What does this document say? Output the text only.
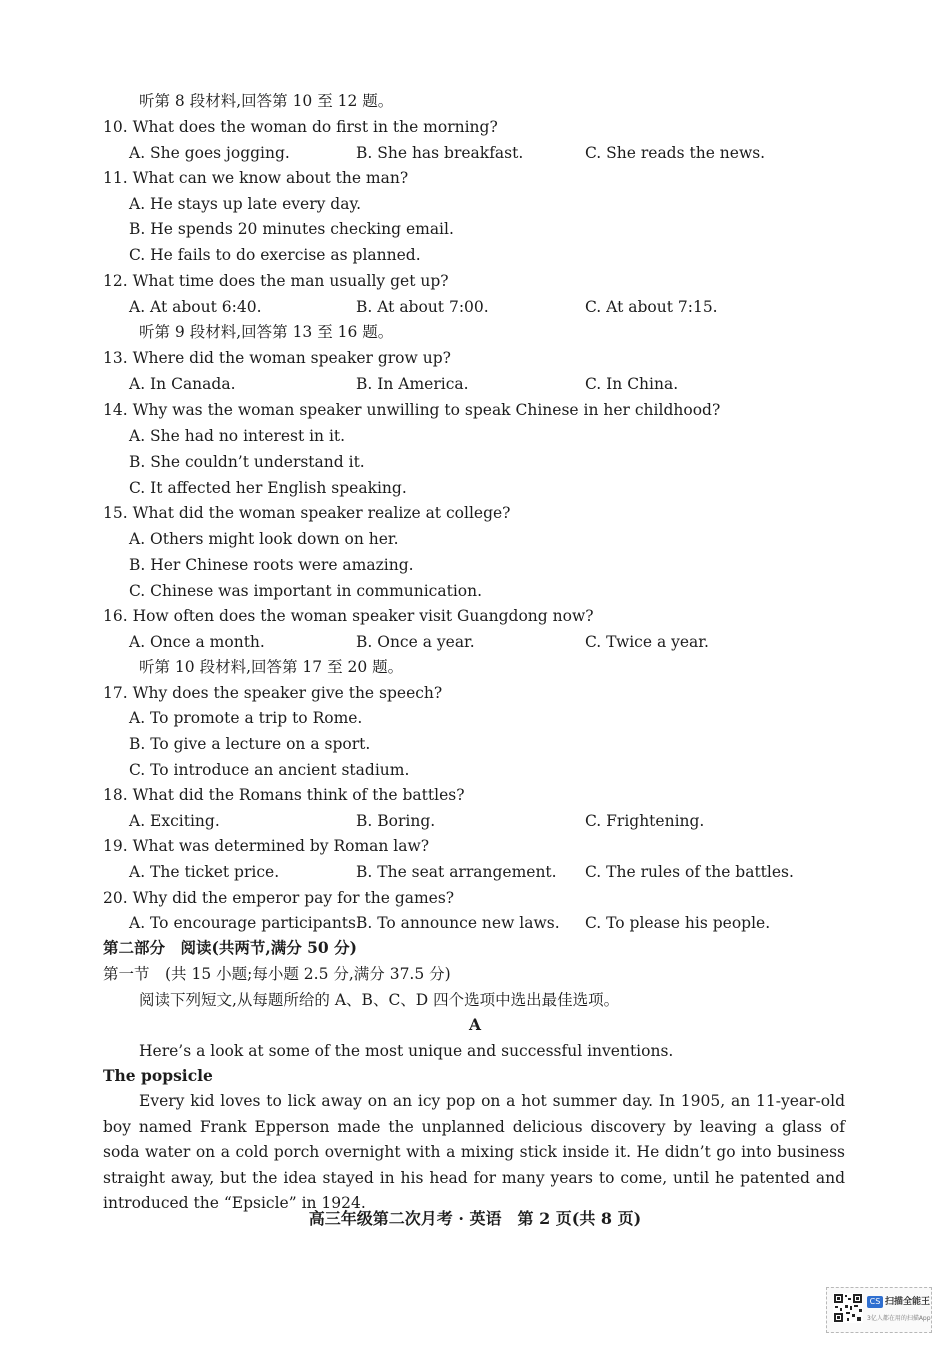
听第 8 段材料,回答第 10 至 12 题。
10. What does the woman do first in the morning?
A. She goes jogging.	B. She has breakfast.	C. She reads the news.
11. What can we know about the man?
A. He stays up late every day.
B. He spends 20 minutes checking email.
C. He fails to do exercise as planned.
12. What time does the man usually get up?
A. At about 6:40.	B. At about 7:00.	C. At about 7:15.
听第 9 段材料,回答第 13 至 16 题。
13. Where did the woman speaker grow up?
A. In Canada.	B. In America.	C. In China.
14. Why was the woman speaker unwilling to speak Chinese in her childhood?
A. She had no interest in it.
B. She couldn’t understand it.
C. It affected her English speaking.
15. What did the woman speaker realize at college?
A. Others might look down on her.
B. Her Chinese roots were amazing.
C. Chinese was important in communication.
16. How often does the woman speaker visit Guangdong now?
A. Once a month.	B. Once a year.	C. Twice a year.
听第 10 段材料,回答第 17 至 20 题。
17. Why does the speaker give the speech?
A. To promote a trip to Rome.
B. To give a lecture on a sport.
C. To introduce an ancient stadium.
18. What did the Romans think of the battles?
A. Exciting.	B. Boring.	C. Frightening.
19. What was determined by Roman law?
A. The ticket price.	B. The seat arrangement. C. The rules of the battles.
20. Why did the emperor pay for the games?
A. To encourage participants.
B. To announce new laws. C. To please his people.
第二部分　阅读(共两节,满分 50 分)
第一节　(共 15 小题;每小题 2.5 分,满分 37.5 分)
阅读下列短文,从每题所给的 A、B、C、D 四个选项中选出最佳选项。
A
Here’s a look at some of the most unique and successful inventions.
The popsicle
Every kid loves to lick away on an icy pop on a hot summer day. In 1905, an 11-year-old boy named Frank Epperson made the unplanned delicious discovery by leaving a glass of soda water on a cold porch overnight with a mixing stick inside it. He didn’t go into business straight away, but the idea stayed in his head for many years to come, until he patented and introduced the “Epsicle” in 1924.
高三年级第二次月考 · 英语　第 2 页(共 8 页)
CS 扫描全能王
3亿人都在用的扫描App
